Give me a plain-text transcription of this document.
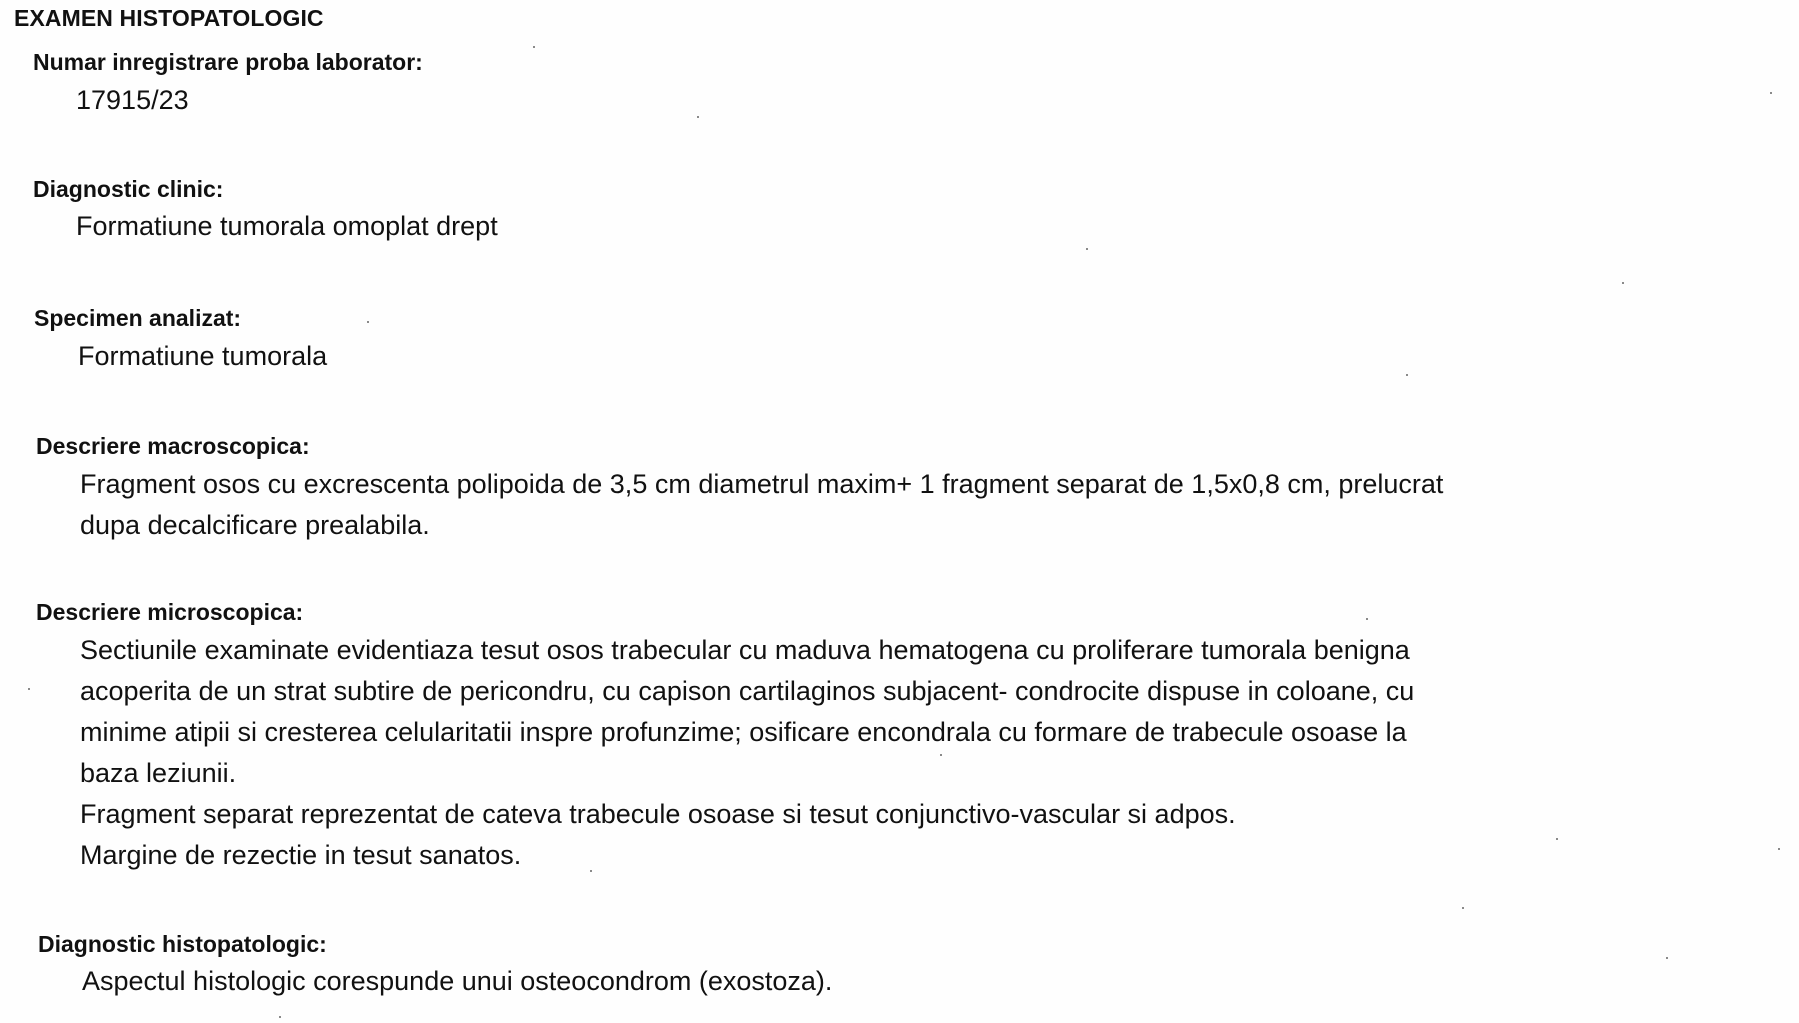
EXAMEN HISTOPATOLOGIC
Numar inregistrare proba laborator:
17915/23
Diagnostic clinic:
Formatiune tumorala omoplat drept
Specimen analizat:
Formatiune tumorala
Descriere macroscopica:
Fragment osos cu excrescenta polipoida de 3,5 cm diametrul maxim+ 1 fragment separat de 1,5x0,8 cm, prelucrat
dupa decalcificare prealabila.
Descriere microscopica:
Sectiunile examinate evidentiaza tesut osos trabecular cu maduva hematogena cu proliferare tumorala benigna
acoperita de un strat subtire de pericondru, cu capison cartilaginos subjacent- condrocite dispuse in coloane, cu
minime atipii si cresterea celularitatii inspre profunzime; osificare encondrala cu formare de trabecule osoase la
baza leziunii.
Fragment separat reprezentat de cateva trabecule osoase si tesut conjunctivo-vascular si adpos.
Margine de rezectie in tesut sanatos.
Diagnostic histopatologic:
Aspectul histologic corespunde unui osteocondrom (exostoza).
